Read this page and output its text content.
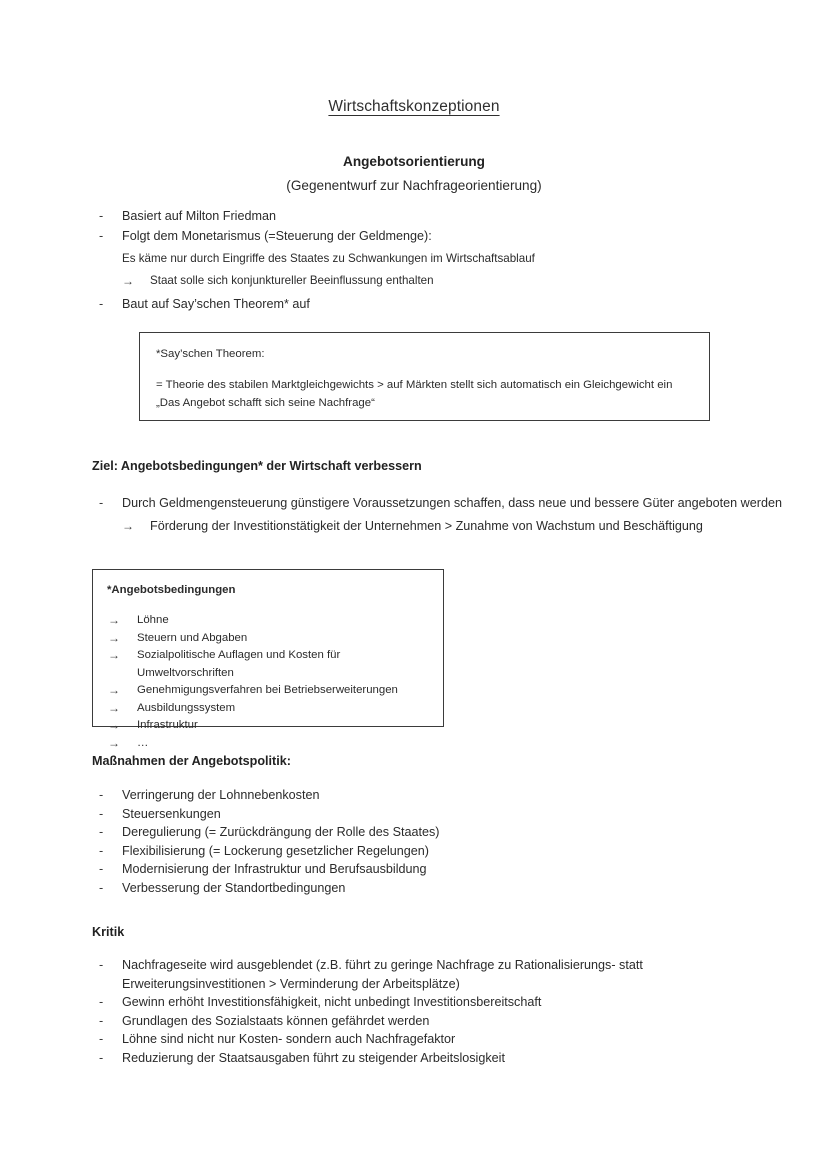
Wirtschaftskonzeptionen
Angebotsorientierung
(Gegenentwurf zur Nachfrageorientierung)
- Basiert auf Milton Friedman
- Folgt dem Monetarismus (=Steuerung der Geldmenge):
Es käme nur durch Eingriffe des Staates zu Schwankungen im Wirtschaftsablauf
→ Staat solle sich konjunktureller Beeinflussung enthalten
- Baut auf Say’schen Theorem* auf
*Say’schen Theorem:
= Theorie des stabilen Marktgleichgewichts > auf Märkten stellt sich automatisch ein Gleichgewicht ein „Das Angebot schafft sich seine Nachfrage“
Ziel: Angebotsbedingungen* der Wirtschaft verbessern
- Durch Geldmengensteuerung günstigere Voraussetzungen schaffen, dass neue und bessere Güter angeboten werden
→ Förderung der Investitionstätigkeit der Unternehmen > Zunahme von Wachstum und Beschäftigung
*Angebotsbedingungen
→ Löhne
→ Steuern und Abgaben
→ Sozialpolitische Auflagen und Kosten für Umweltvorschriften
→ Genehmigungsverfahren bei Betriebserweiterungen
→ Ausbildungssystem
→ Infrastruktur
→ …
Maßnahmen der Angebotspolitik:
- Verringerung der Lohnnebenkosten
- Steuersenkungen
- Deregulierung (= Zurückdrängung der Rolle des Staates)
- Flexibilisierung (= Lockerung gesetzlicher Regelungen)
- Modernisierung der Infrastruktur und Berufsausbildung
- Verbesserung der Standortbedingungen
Kritik
- Nachfrageseite wird ausgeblendet (z.B. führt zu geringe Nachfrage zu Rationalisierungs- statt Erweiterungsinvestitionen > Verminderung der Arbeitsplätze)
- Gewinn erhöht Investitionsfähigkeit, nicht unbedingt Investitionsbereitschaft
- Grundlagen des Sozialstaats können gefährdet werden
- Löhne sind nicht nur Kosten- sondern auch Nachfragefaktor
- Reduzierung der Staatsausgaben führt zu steigender Arbeitslosigkeit
